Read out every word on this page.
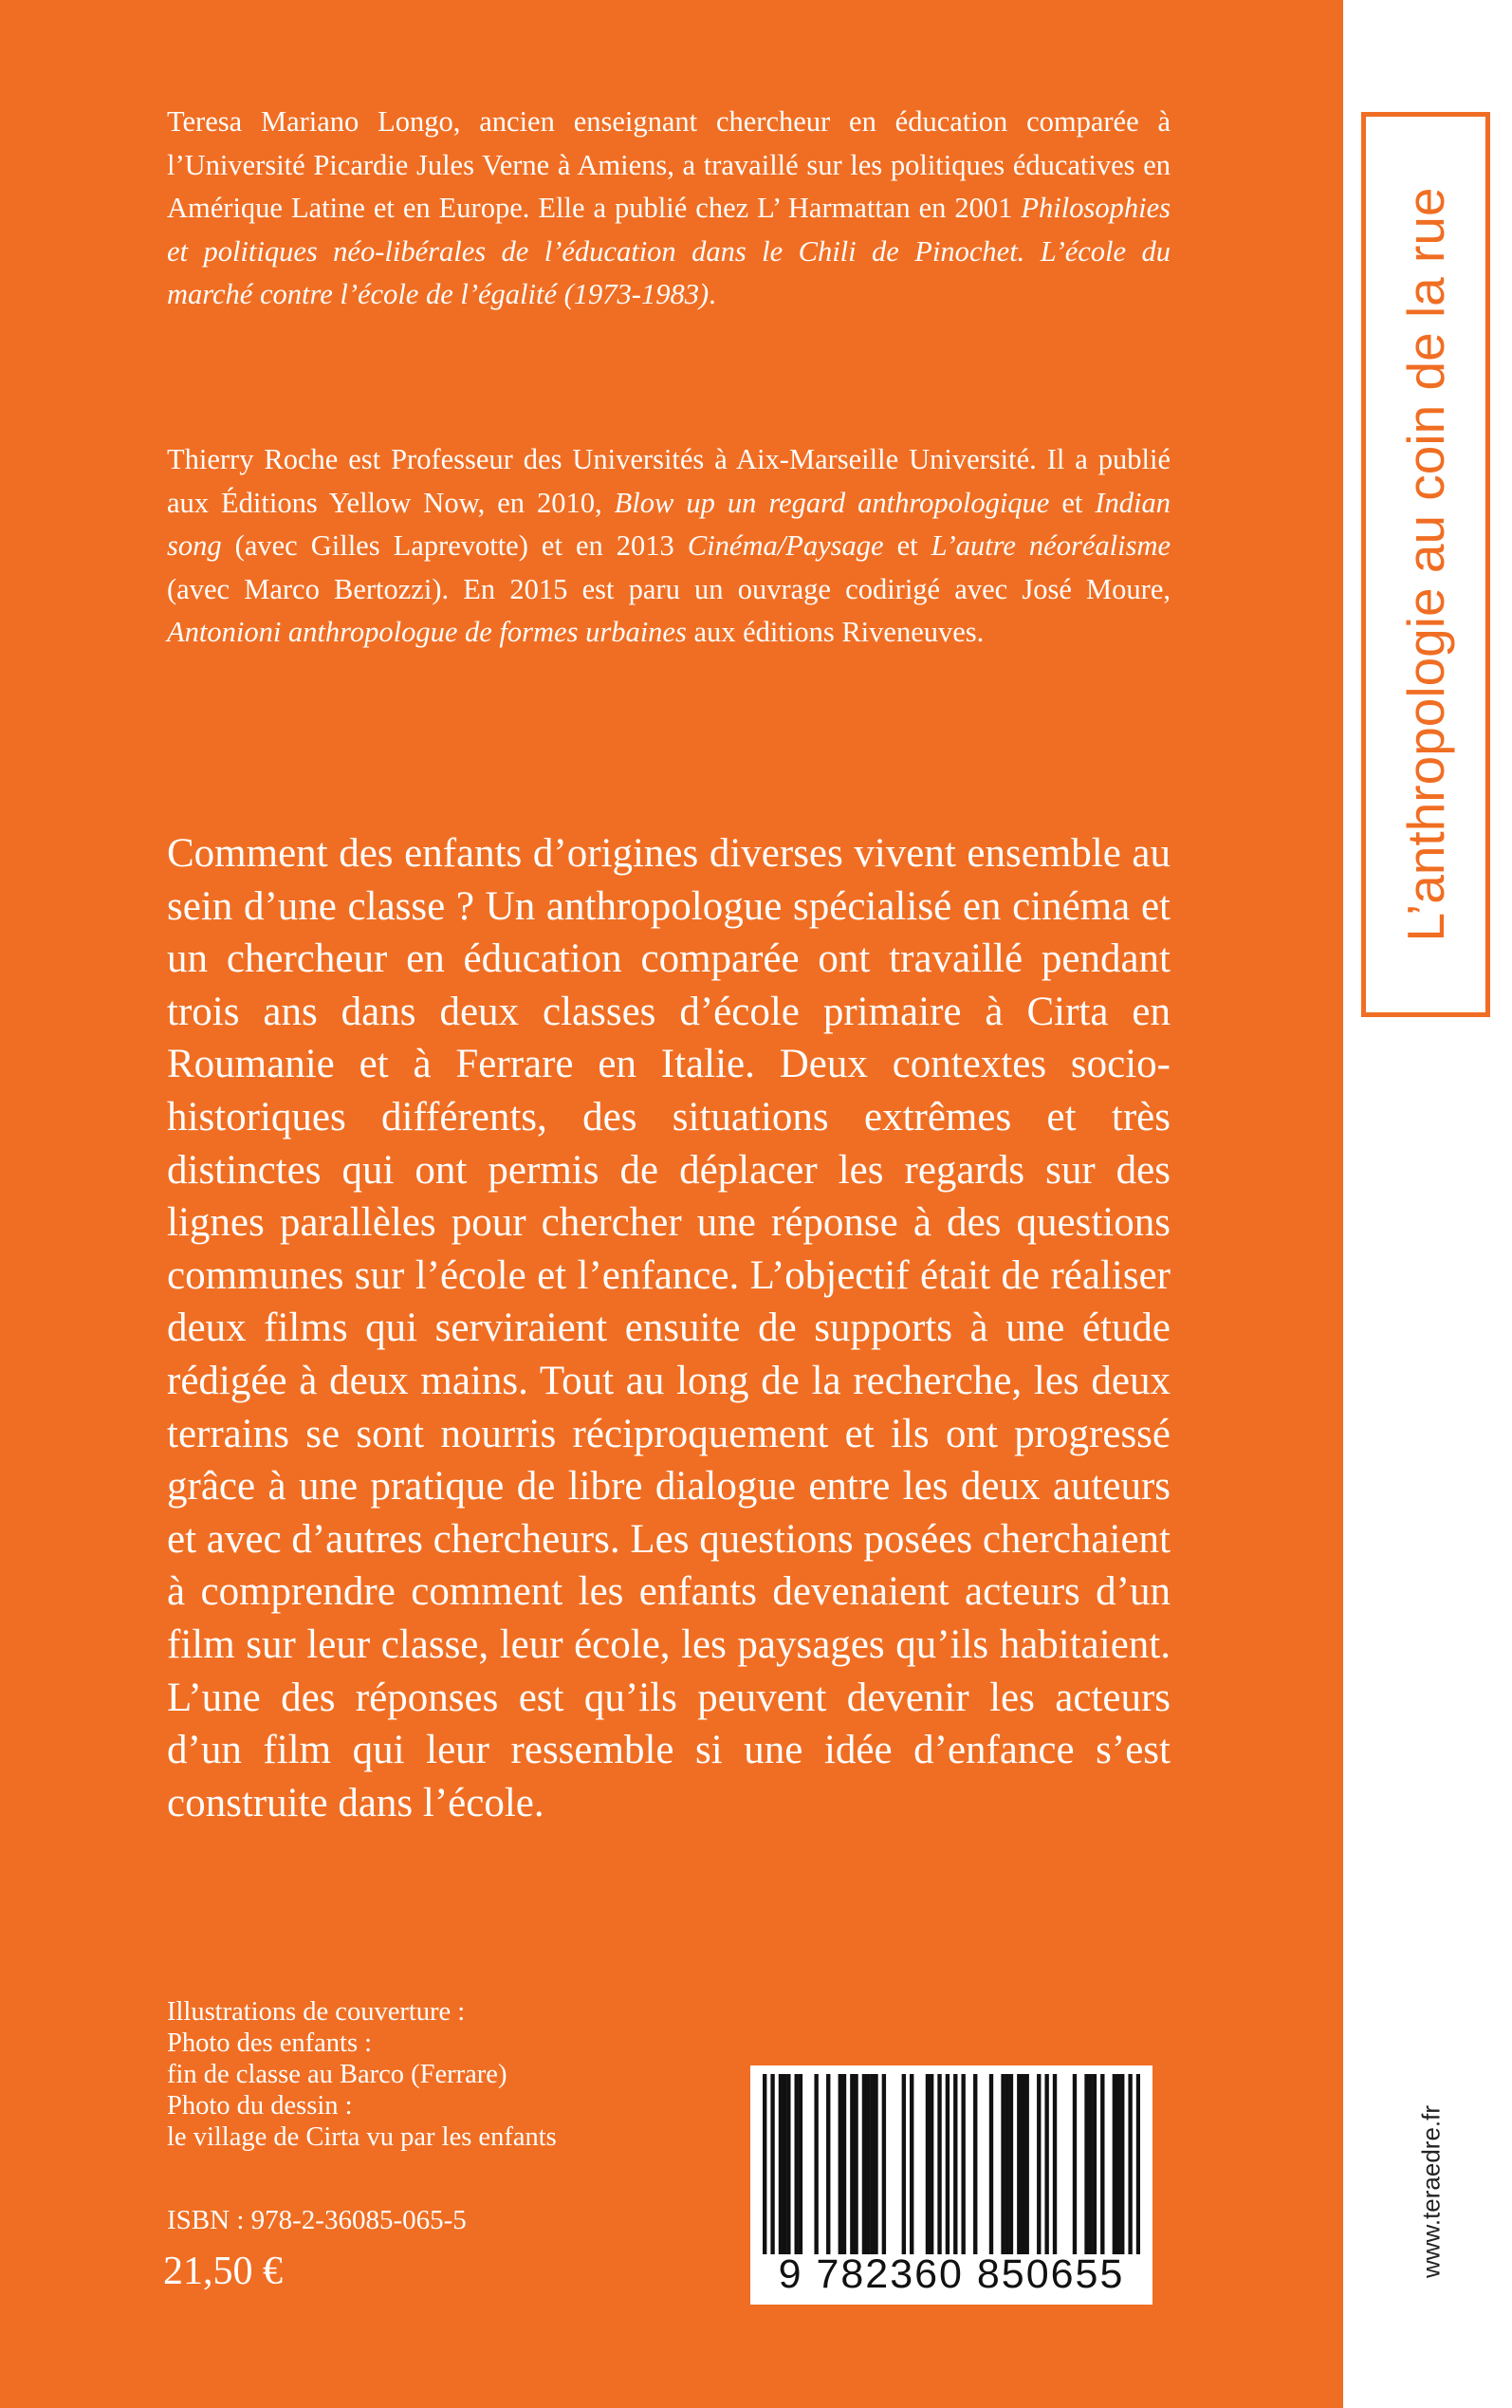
L’anthropologie au coin de la rue
www.teraedre.fr

Teresa Mariano Longo, ancien enseignant chercheur en éducation comparée à l’Université Picardie Jules Verne à Amiens, a travaillé sur les politiques éducatives en Amérique Latine et en Europe. Elle a publié chez L’ Harmattan en 2001 Philosophies et politiques néo-libérales de l’éducation dans le Chili de Pinochet. L’école du marché contre l’école de l’égalité (1973-1983).

Thierry Roche est Professeur des Universités à Aix-Marseille Université. Il a publié aux Éditions Yellow Now, en 2010, Blow up un regard anthropologique et Indian song (avec Gilles Laprevotte) et en 2013 Cinéma/Paysage et L’autre néoréalisme (avec Marco Bertozzi). En 2015 est paru un ouvrage codirigé avec José Moure, Antonioni anthropologue de formes urbaines aux éditions Riveneuves.

Comment des enfants d’origines diverses vivent ensemble au sein d’une classe ? Un anthropologue spécialisé en cinéma et un chercheur en éducation comparée ont travaillé pendant trois ans dans deux classes d’école primaire à Cirta en Roumanie et à Ferrare en Italie. Deux contextes socio-historiques différents, des situations extrêmes et très distinctes qui ont permis de déplacer les regards sur des lignes parallèles pour chercher une réponse à des questions communes sur l’école et l’enfance. L’objectif était de réaliser deux films qui serviraient ensuite de supports à une étude rédigée à deux mains. Tout au long de la recherche, les deux terrains se sont nourris réciproquement et ils ont progressé grâce à une pratique de libre dialogue entre les deux auteurs et avec d’autres chercheurs. Les questions posées cherchaient à comprendre comment les enfants devenaient acteurs d’un film sur leur classe, leur école, les paysages qu’ils habitaient. L’une des réponses est qu’ils peuvent devenir les acteurs d’un film qui leur ressemble si une idée d’enfance s’est construite dans l’école.

Illustrations de couverture :
Photo des enfants :
fin de classe au Barco (Ferrare)
Photo du dessin :
le village de Cirta vu par les enfants
ISBN : 978-2-36085-065-5
21,50 €	9 782360 850655
